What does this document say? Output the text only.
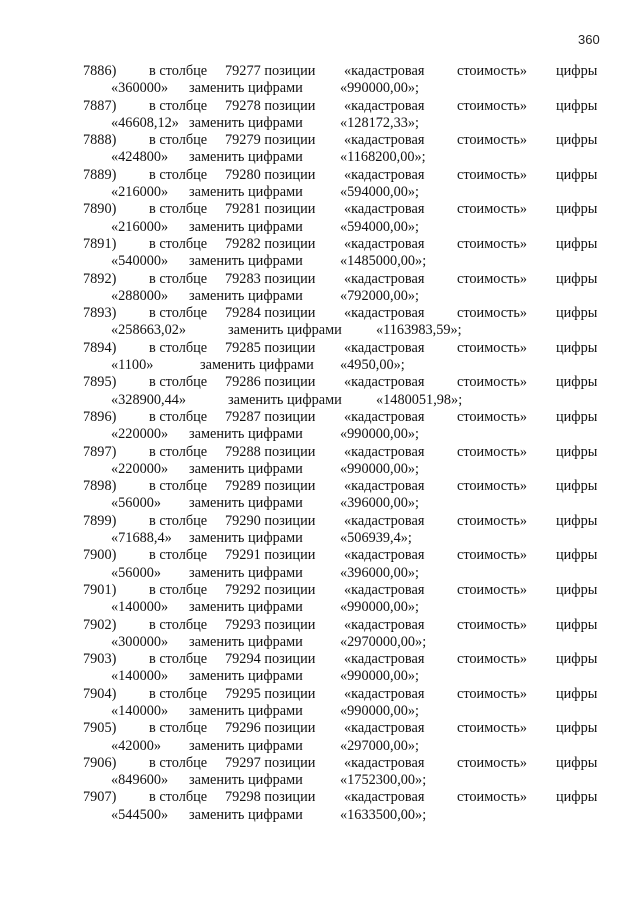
360
7886) в столбце 79277 позиции «кадастровая стоимость» цифры
«360000» заменить цифрами	«990000,00»;
7887) в столбце 79278 позиции «кадастровая стоимость» цифры
«46608,12» заменить цифрами	«128172,33»;
7888) в столбце 79279 позиции «кадастровая стоимость» цифры
«424800» заменить цифрами	«1168200,00»;
7889) в столбце 79280 позиции «кадастровая стоимость» цифры
«216000» заменить цифрами	«594000,00»;
7890) в столбце 79281 позиции «кадастровая стоимость» цифры
«216000» заменить цифрами	«594000,00»;
7891) в столбце 79282 позиции «кадастровая стоимость» цифры
«540000» заменить цифрами	«1485000,00»;
7892) в столбце 79283 позиции «кадастровая стоимость» цифры
«288000» заменить цифрами	«792000,00»;
7893) в столбце 79284 позиции «кадастровая стоимость» цифры
«258663,02»	заменить цифрами «1163983,59»;
7894) в столбце 79285 позиции «кадастровая стоимость» цифры
«1100»	заменить цифрами «4950,00»;
7895) в столбце 79286 позиции «кадастровая стоимость» цифры
«328900,44»	заменить цифрами «1480051,98»;
7896) в столбце 79287 позиции «кадастровая стоимость» цифры
«220000» заменить цифрами	«990000,00»;
7897) в столбце 79288 позиции «кадастровая стоимость» цифры
«220000» заменить цифрами	«990000,00»;
7898) в столбце 79289 позиции «кадастровая стоимость» цифры
«56000» заменить цифрами	«396000,00»;
7899) в столбце 79290 позиции «кадастровая стоимость» цифры
«71688,4» заменить цифрами	«506939,4»;
7900) в столбце 79291 позиции «кадастровая стоимость» цифры
«56000» заменить цифрами	«396000,00»;
7901) в столбце 79292 позиции «кадастровая стоимость» цифры
«140000» заменить цифрами	«990000,00»;
7902) в столбце 79293 позиции «кадастровая стоимость» цифры
«300000» заменить цифрами	«2970000,00»;
7903) в столбце 79294 позиции «кадастровая стоимость» цифры
«140000» заменить цифрами	«990000,00»;
7904) в столбце 79295 позиции «кадастровая стоимость» цифры
«140000» заменить цифрами	«990000,00»;
7905) в столбце 79296 позиции «кадастровая стоимость» цифры
«42000» заменить цифрами	«297000,00»;
7906) в столбце 79297 позиции «кадастровая стоимость» цифры
«849600» заменить цифрами	«1752300,00»;
7907) в столбце 79298 позиции «кадастровая стоимость» цифры
«544500» заменить цифрами	«1633500,00»;
